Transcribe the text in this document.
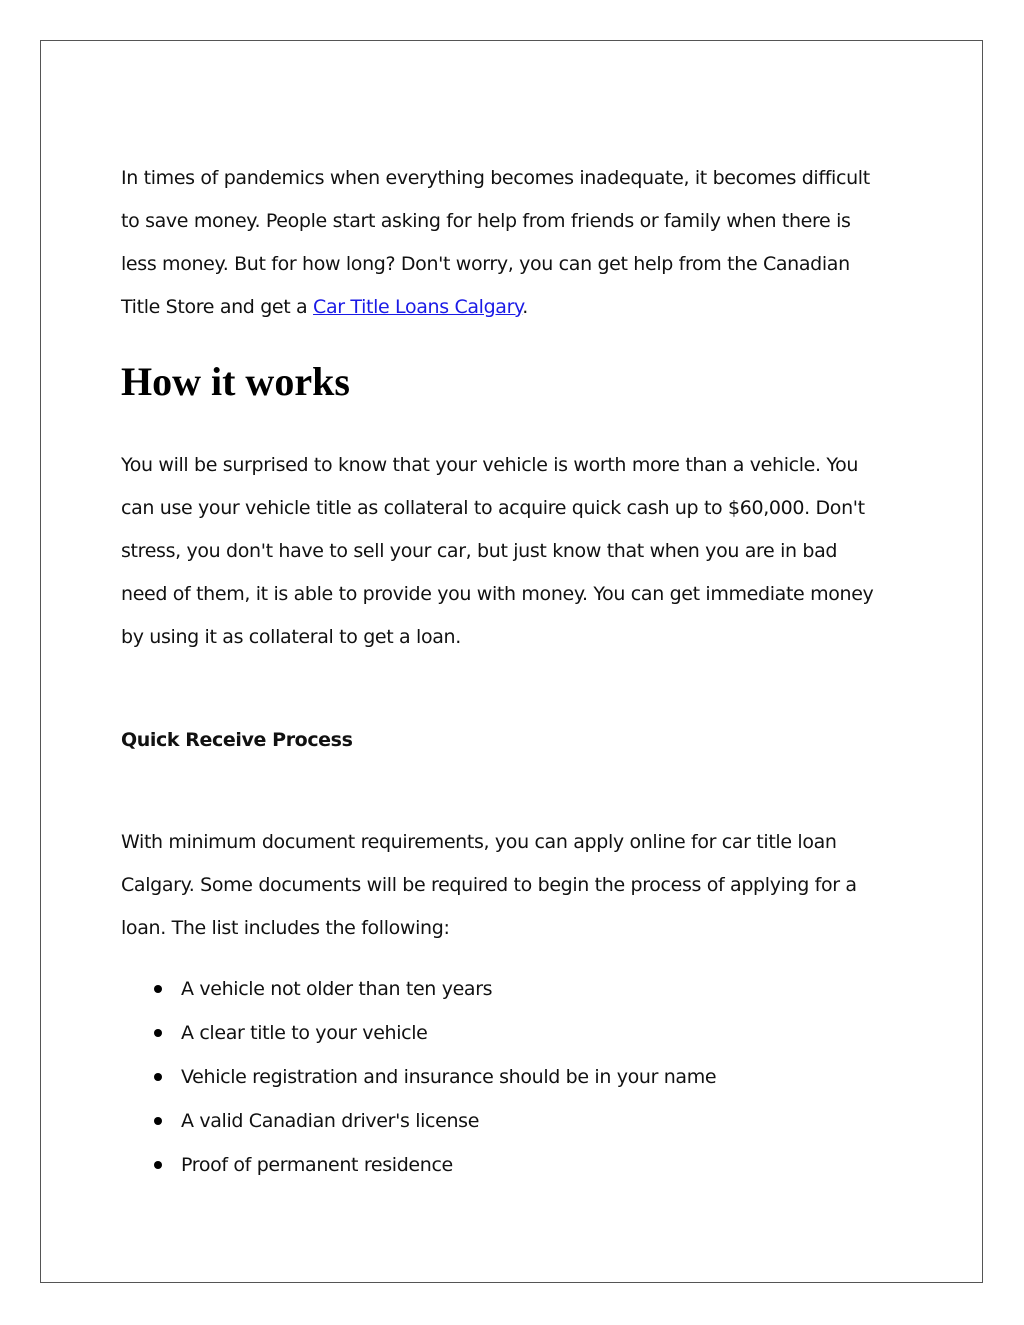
In times of pandemics when everything becomes inadequate, it becomes difficult
to save money. People start asking for help from friends or family when there is
less money. But for how long? Don't worry, you can get help from the Canadian
Title Store and get a Car Title Loans Calgary.

How it works

You will be surprised to know that your vehicle is worth more than a vehicle. You
can use your vehicle title as collateral to acquire quick cash up to $60,000. Don't
stress, you don't have to sell your car, but just know that when you are in bad
need of them, it is able to provide you with money. You can get immediate money
by using it as collateral to get a loan.

Quick Receive Process

With minimum document requirements, you can apply online for car title loan
Calgary. Some documents will be required to begin the process of applying for a
loan. The list includes the following:

A vehicle not older than ten years
A clear title to your vehicle
Vehicle registration and insurance should be in your name
A valid Canadian driver's license
Proof of permanent residence
